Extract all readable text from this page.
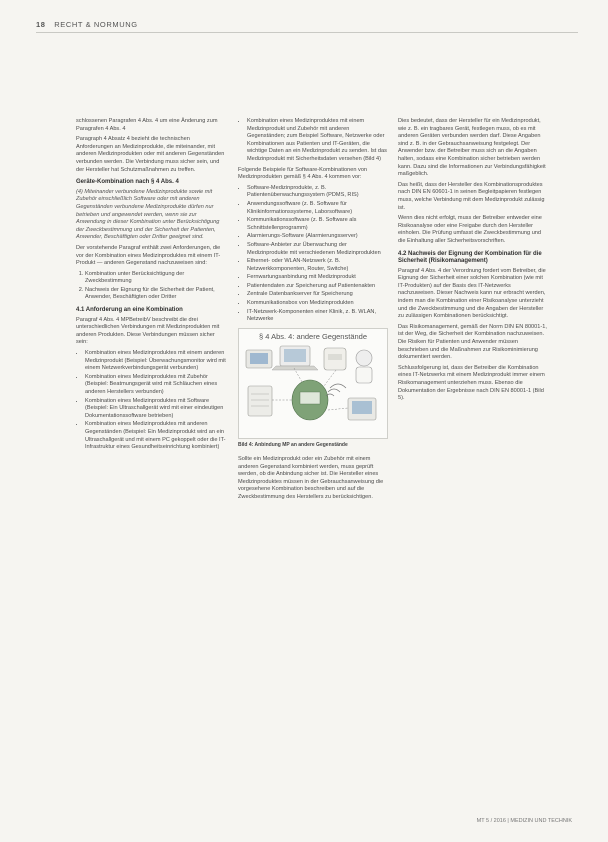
18 RECHT & NORMUNG

schlossenen Paragrafen 4 Abs. 4 um eine Änderung zum Paragrafen 4 Abs. 4

Paragraph 4 Absatz 4 bezieht die technischen Anforderungen an Medizinprodukte, die miteinander, mit anderen Medizinprodukten oder mit anderen Gegenständen verbunden werden. Die Verbindung muss sicher sein, und der Hersteller hat Schutzmaßnahmen zu treffen.

Geräte-Kombination nach § 4 Abs. 4

(4) Miteinander verbundene Medizinprodukte sowie mit Zubehör einschließlich Software oder mit anderen Gegenständen verbundene Medizinprodukte dürfen nur betrieben und angewendet werden, wenn sie zur Anwendung in dieser Kombination unter Berücksichtigung der Zweckbestimmung und der Sicherheit der Patienten, Anwender, Beschäftigten oder Dritter geeignet sind.

Der vorstehende Paragraf enthält zwei Anforderungen, die vor der Kombination eines Medizinproduktes mit einem IT-Produkt — anderen Gegenstand nachzuweisen sind:

1. Kombination unter Berücksichtigung der Zweckbestimmung
2. Nachweis der Eignung für die Sicherheit der Patient, Anwender, Beschäftigten oder Dritter
4.1 Anforderung an eine Kombination

Paragraf 4 Abs. 4 MPBetreibV beschreibt die drei unterschiedlichen Verbindungen mit Medizinprodukten mit anderen Produkten. Diese Verbindungen müssen sicher sein:

• Kombination eines Medizinproduktes mit einem anderen Medizinprodukt (Beispiel: Überwachungsmonitor wird mit einem Netzwerkverbindungsgerät verbunden)
• Kombination eines Medizinproduktes mit Zubehör (Beispiel: Beatmungsgerät wird mit Schläuchen eines anderen Herstellers verbunden)
• Kombination eines Medizinproduktes mit Software (Beispiel: Ein Ultraschallgerät wird mit einer eindeutigen Dokumentationssoftware betrieben)
• Kombination eines Medizinproduktes mit anderen Gegenständen (Beispiel: Ein Medizinprodukt wird an ein Ultraschallgerät und mit einem PC gekoppelt oder die IT-Infrastruktur eines Gesundheitseinrichtung kombiniert)
• Kombination eines Medizinproduktes mit einem Medizinprodukt und Zubehör mit anderen Gegenständen; zum Beispiel Software, Netzwerke oder Kombinationen aus Patienten und IT-Geräten, die wichtige Daten an ein Medizinprodukt zu senden. Ist das Medizinprodukt mit Sicherheitsdaten versehen (Bild 4)

Folgende Beispiele für Software-Kombinationen von Medizinprodukten gemäß § 4 Abs. 4 kommen vor:

• Software-Medizinprodukte, z. B. Patientenüberwachungssystem (PDMS, RIS)
• Anwendungssoftware (z. B. Software für Klinikinformationssysteme, Laborsoftware)
• Kommunikationssoftware (z. B. Software als Schnittstellenprogramm)
• Alarmierungs-Software (Alarmierungsserver)
• Software-Anbieter zur Überwachung der Medizinprodukte mit verschiedenen Medizinprodukten
• Ethernet- oder WLAN-Netzwerk (z. B. Netzwerkkomponenten, Router, Switche)
• Fernwartungsanbindung mit Medizinprodukt
• Patientendaten zur Speicherung auf Patientenakten
• Zentrale Datenbankserver für Speicherung
• Kommunikationsbox von Medizinprodukten
• IT-Netzwerk-Komponenten einer Klinik, z. B. WLAN, Netzwerke
§ 4 Abs. 4: andere Gegenstände
Bild 4: Anbindung MP an andere Gegenstände

Sollte ein Medizinprodukt oder ein Zubehör mit einem anderen Gegenstand kombiniert werden, muss geprüft werden, ob die Anbindung sicher ist. Die Hersteller eines Medizinproduktes müssen in der Gebrauchsanweisung die vorgesehene Kombination beschreiben und auf die Zweckbestimmung des Herstellers zu berücksichtigen.

Dies bedeutet, dass der Hersteller für ein Medizinprodukt, wie z. B. ein tragbares Gerät, festlegen muss, ob es mit anderen Geräten verbunden werden darf. Diese Angaben sind z. B. in der Gebrauchsanweisung festgelegt. Der Anwender bzw. der Betreiber muss sich an die Angaben halten, sodass eine Kombination sicher betrieben werden kann. Dazu sind die Informationen zur Verbindungsfähigkeit maßgeblich.

Das heißt, dass der Hersteller des Kombinationsproduktes nach DIN EN 60601-1 in seinen Begleitpapieren festlegen muss, welche Verbindung mit dem Medizinprodukt zulässig ist.

Wenn dies nicht erfolgt, muss der Betreiber entweder eine Risikoanalyse oder eine Freigabe durch den Hersteller einholen. Die Prüfung umfasst die Zweckbestimmung und die Einhaltung aller Sicherheitsvorschriften.

4.2 Nachweis der Eignung der Kombination für die Sicherheit (Risikomanagement)

Paragraf 4 Abs. 4 der Verordnung fordert vom Betreiber, die Eignung der Sicherheit einer solchen Kombination (wie mit IT-Produkten) auf der Basis des IT-Netzwerks nachzuweisen. Dieser Nachweis kann nur erbracht werden, indem man die Kombination einer Risikoanalyse unterzieht und die Zweckbestimmung und die Angaben der Hersteller zu zulässigen Kombinationen berücksichtigt.

Das Risikomanagement, gemäß der Norm DIN EN 80001-1, ist der Weg, die Sicherheit der Kombination nachzuweisen. Die Risiken für Patienten und Anwender müssen beschrieben und die Maßnahmen zur Risikominimierung dokumentiert werden.

Schlussfolgerung ist, dass der Betreiber die Kombination eines IT-Netzwerks mit einem Medizinprodukt immer einem Risikomanagement unterziehen muss. Ebenso die Dokumentation der Ergebnisse nach DIN EN 80001-1 (Bild 5).

MT 5 / 2016 | MEDIZIN UND TECHNIK
